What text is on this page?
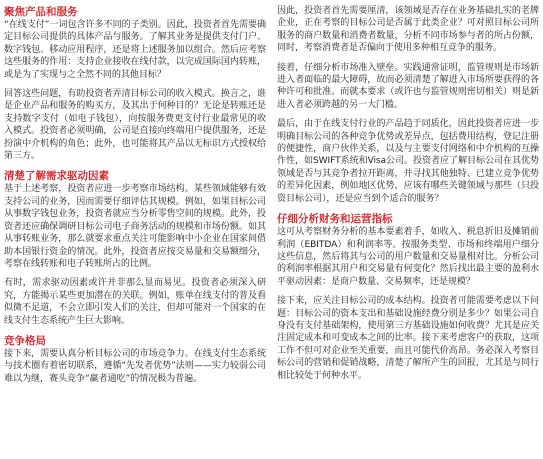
聚焦产品和服务

“在线支付”一词包含许多不同的子类别。因此，投资者首先需要确定目标公司提供的具体产品与服务。了解其业务是提供支付门户、数字钱包、移动应用程序，还是将上述服务加以组合。然后应考察这些服务的作用：支持企业接收在线付款，以完成国际国内转账，或是为了实现与之全然不同的其他目标？

回答这些问题，有助投资者弄清目标公司的收入模式。换言之，谁是企业产品和服务的购买方，及其出于何种目的？无论是转账还是支持数字支付（如电子钱包），向按服务费更支付行业最常见的收入模式。投资者必须明确，公司是直接向终端用户提供服务，还是扮演中介机构的角色；此外，也可能将其产品以无标识方式授权给第三方。

清楚了解需求驱动因素

基于上述考察，投资者应进一步考察市场结构。某些领域能够有效支持公司的业务，因而需要仔细评估其规模。例如，如果目标公司从事数字钱包业务，投资者就应当分析零售空间的规模。此外，投资者还应确保调研目标公司电子商务活动的规模和市场份额。如其从事转账业务，那么就要求重点关注可能影响中小企业在国家间借助本国银行资金的情况。此外，投资者应按交易量和交易额细分，考察在线转账和电子转账所占的比例。

有时，需求驱动因素或许并非那么显而易见。投资者必须深入研究，方能揭示某些更加潜在的关联。例如，账单在线支付的普及看似微不足道，不会立即引发人们的关注，但却可能对一个国家的在线支付生态系统产生巨大影响。

竞争格局

接下来，需要认真分析目标公司的市场竞争力。在线支付生态系统与技术圈有着密切联系，遵循“先发者优势”法则——实力较弱公司难以为继，赛头竞争“赢者通吃”的情况极为普遍。

因此，投资者首先需要厘清，该领域是否存在业务基础扎实的老牌企业，正在考察的目标公司是否属于此类企业？可对照目标公司所服务的商户数量和消费者数量，分析不同市场参与者的所占份额，同时，考察消费者是否偏向于使用多种相互竞争的服务。

接着，仔细分析市场准入壁垒。实践通常证明，监管规则是市场新进入者面临的最大障碍，故而必须清楚了解进入市场所要获得的各种许可和批准。而就本要求（或许也与监管规则密切相关）则是新进入者必须跨越的另一大门槛。

最后，由于在线支付行业的产品趋于同质化，因此投资者应进一步明确目标公司的各种竞争优势或差异点，包括费用结构，登记注册的便捷性，商户伙伴关系，以及与主要支付网络和中介机构的互操作性，如SWIFT系统和Visa公司。投资者应了解目标公司在其优势领域是否与其竞争者拉开距离，并寻找其他独特、已建立竞争优势的差异化因素，例如地区优势，应该有哪些关键领域与那些（只投资目标公司），还是应当到个适合的服务？

仔细分析财务和运营指标

这可从考察财务分析的基本要素着手，如收入、税息折旧及摊销前利润（EBITDA）和利润率等。按服务类型、市场和终端用户细分这些信息，然后将其与公司的用户数量和交易量相对比。分析公司的利润率根据其用户和交易量有何变化？然后找出最主要的盈利水平驱动因素：是商户数量、交易频率，还是规模？

接下来，应关注目标公司的成本结构。投资者可能需要考虑以下问题：目标公司的资本支出和基础设施经费分别是多少？如果公司自身没有支付基础架构，使用第三方基础设施如何收费？尤其是应关注固定成本和可变成本之间的比率。接下来考虑客户的获取，这项工作不但可对企业至关重要，而且可能代价高昂。务必深入考察目标公司的营销和促销战略，清楚了解所产生的回报，尤其是与同行相比较处于何种水平。
